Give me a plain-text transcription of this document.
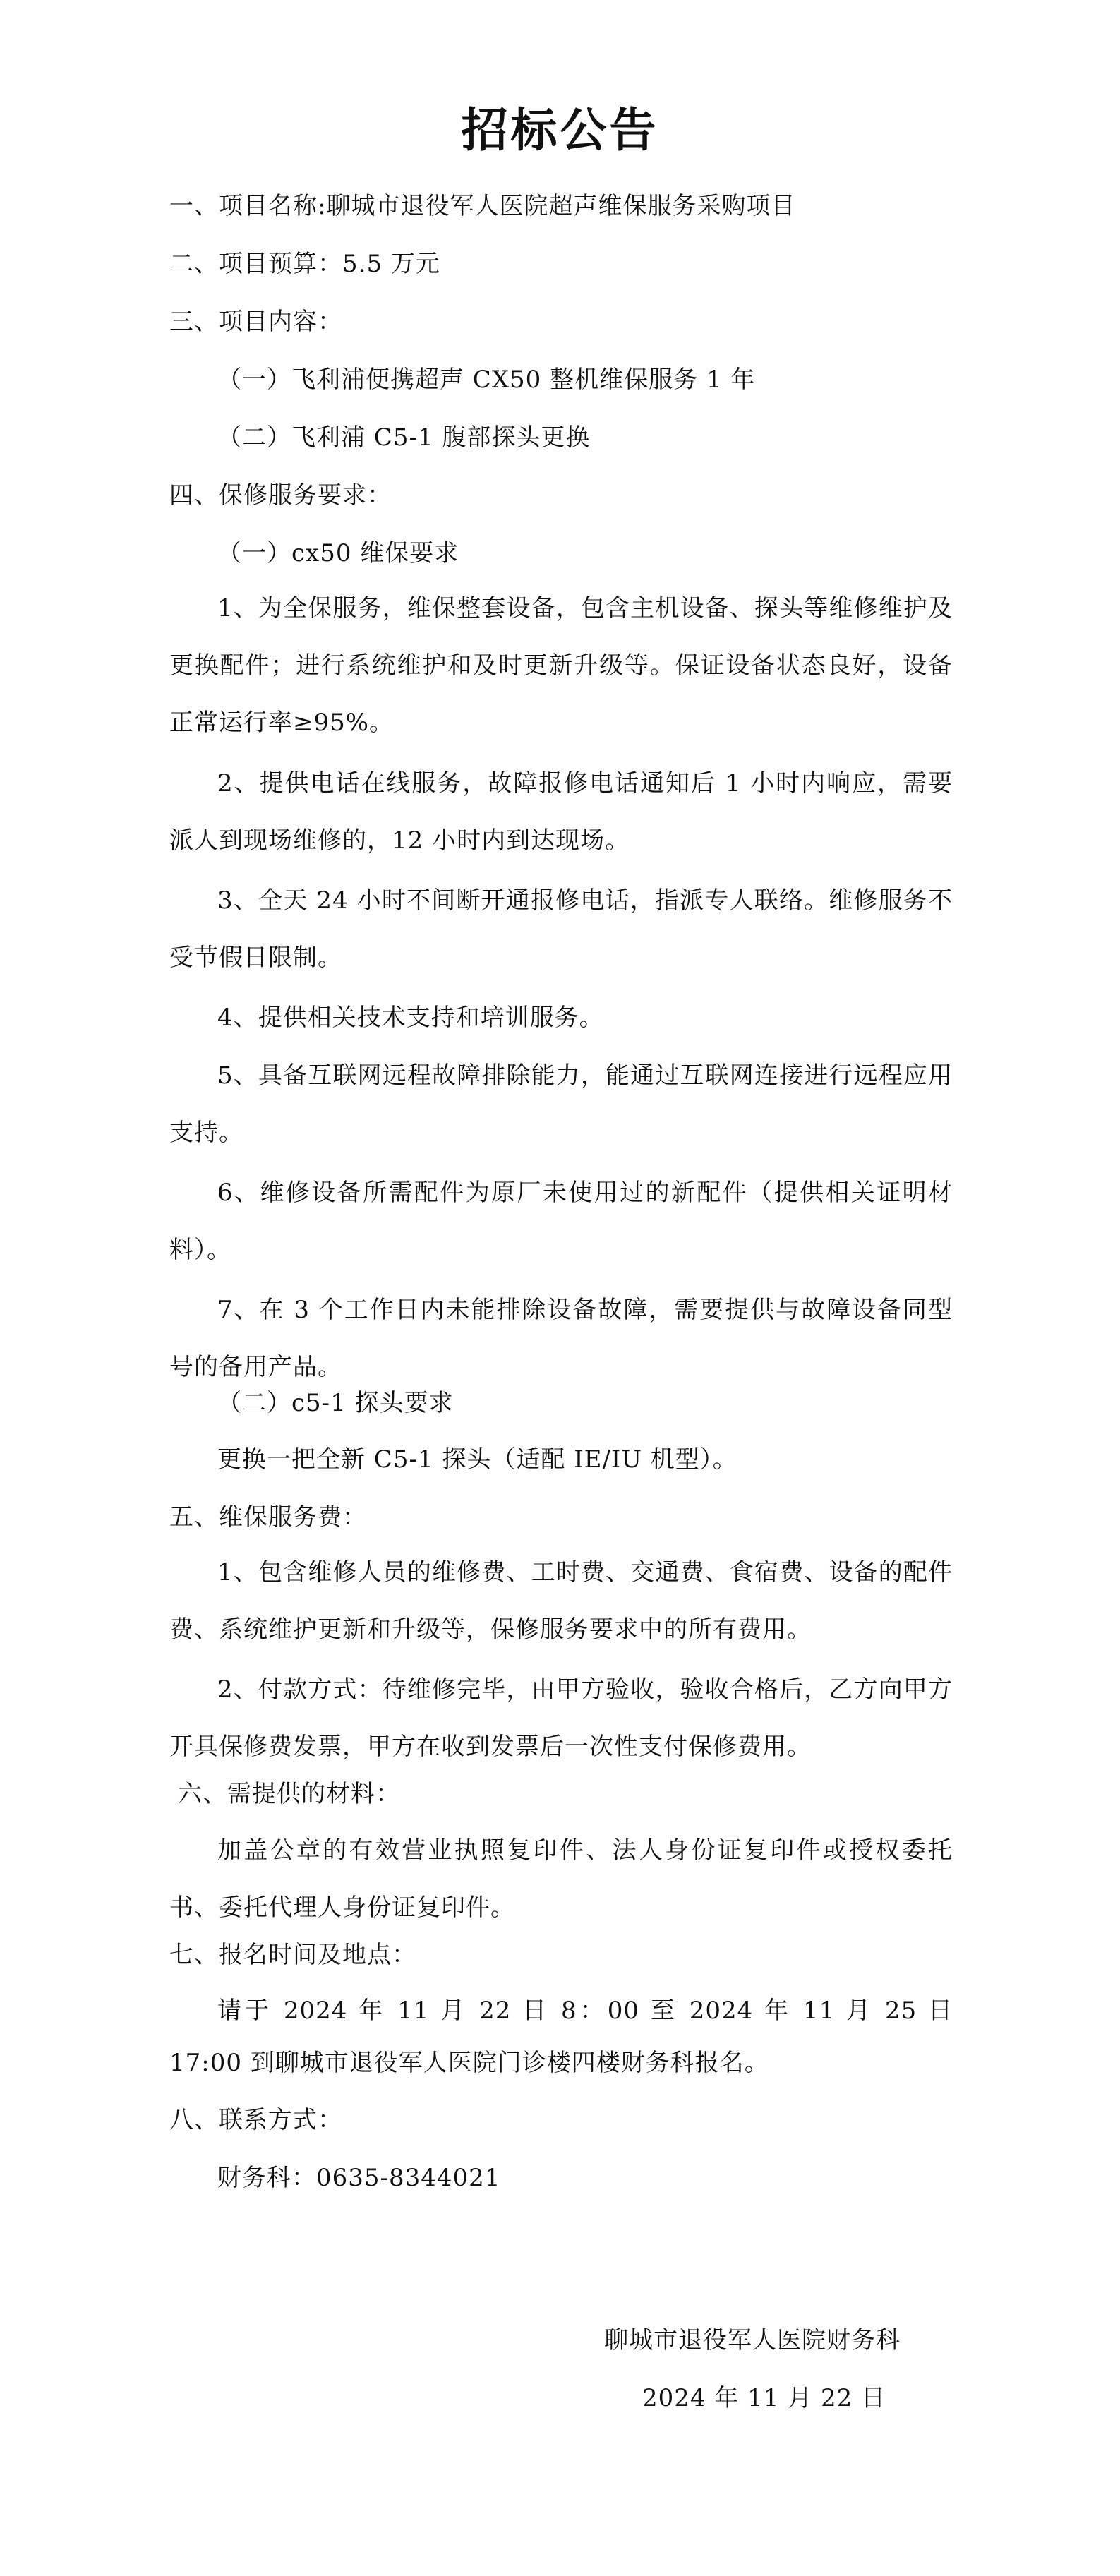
招标公告
一、项目名称:聊城市退役军人医院超声维保服务采购项目
二、项目预算：5.5 万元
三、项目内容：
（一）飞利浦便携超声 CX50 整机维保服务 1 年
（二）飞利浦 C5-1 腹部探头更换
四、保修服务要求：
（一）cx50 维保要求

1、为全保服务，维保整套设备，包含主机设备、探头等维修维护及更换配件；进行系统维护和及时更新升级等。保证设备状态良好，设备正常运行率≥95%。

2、提供电话在线服务，故障报修电话通知后 1 小时内响应，需要派人到现场维修的，12 小时内到达现场。

3、全天 24 小时不间断开通报修电话，指派专人联络。维修服务不受节假日限制。

4、提供相关技术支持和培训服务。

5、具备互联网远程故障排除能力，能通过互联网连接进行远程应用支持。

6、维修设备所需配件为原厂未使用过的新配件（提供相关证明材料）。

7、在 3 个工作日内未能排除设备故障，需要提供与故障设备同型号的备用产品。

（二）c5-1 探头要求
更换一把全新 C5-1 探头（适配 IE/IU 机型）。
五、维保服务费：

1、包含维修人员的维修费、工时费、交通费、食宿费、设备的配件费、系统维护更新和升级等，保修服务要求中的所有费用。

2、付款方式：待维修完毕，由甲方验收，验收合格后，乙方向甲方开具保修费发票，甲方在收到发票后一次性支付保修费用。

六、需提供的材料：

加盖公章的有效营业执照复印件、法人身份证复印件或授权委托书、委托代理人身份证复印件。

七、报名时间及地点：

请于 2024 年 11 月 22 日 8：00 至 2024 年 11 月 25 日 17:00 到聊城市退役军人医院门诊楼四楼财务科报名。

八、联系方式：
财务科：0635-8344021
聊城市退役军人医院财务科
2024 年 11 月 22 日
